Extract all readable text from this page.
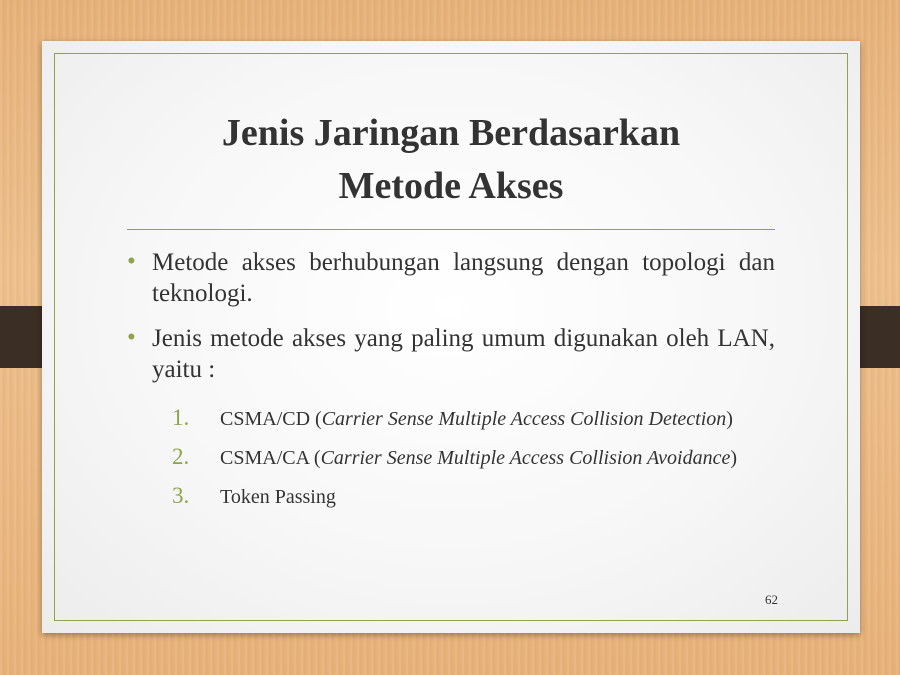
Jenis Jaringan Berdasarkan
Metode Akses
• Metode akses berhubungan langsung dengan topologi dan teknologi.
• Jenis metode akses yang paling umum digunakan oleh LAN, yaitu :
1. CSMA/CD (Carrier Sense Multiple Access Collision Detection)
2. CSMA/CA (Carrier Sense Multiple Access Collision Avoidance)
3. Token Passing
62
